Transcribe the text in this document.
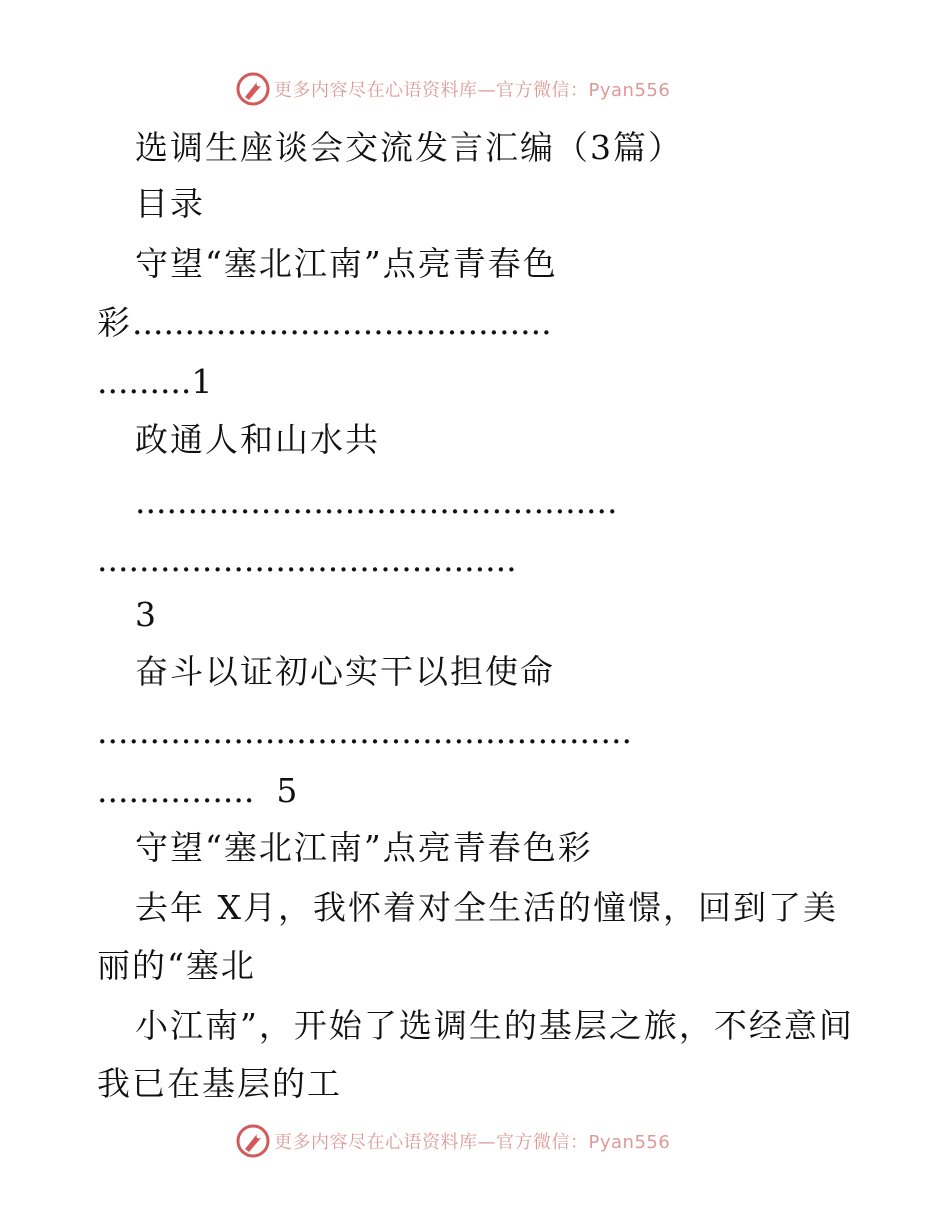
更多内容尽在心语资料库—官方微信：Pyan556
选调生座谈会交流发言汇编（3篇）
目录
守望“塞北江南”点亮青春色
彩........................................
.........1
政通人和山水共
..............................................
........................................
3
奋斗以证初心实干以担使命
...................................................
............... 5
守望“塞北江南”点亮青春色彩
去年 X月，我怀着对全生活的憧憬，回到了美
丽的“塞北
小江南”，开始了选调生的基层之旅，不经意间
我已在基层的工
更多内容尽在心语资料库—官方微信：Pyan556
